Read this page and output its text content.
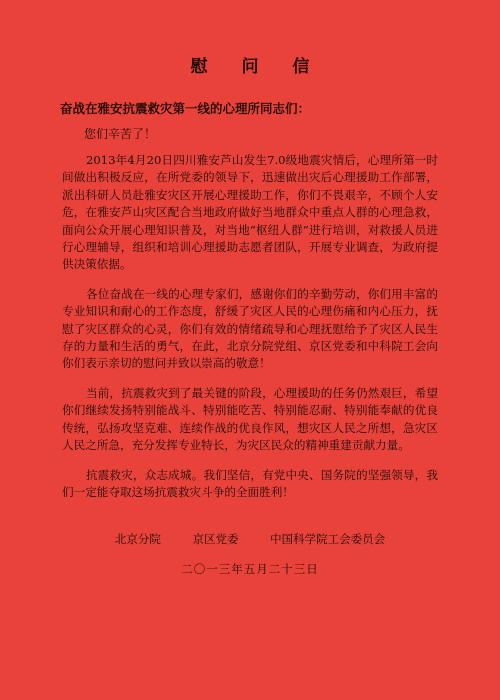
慰 问 信
奋战在雅安抗震救灾第一线的心理所同志们：
您们辛苦了！

2013年4月20日四川雅安芦山发生7.0级地震灾情后，心理所第一时间做出积极反应，在所党委的领导下，迅速做出灾后心理援助工作部署，派出科研人员赴雅安灾区开展心理援助工作，你们不畏艰辛，不顾个人安危，在雅安芦山灾区配合当地政府做好当地群众中重点人群的心理急救，面向公众开展心理知识普及，对当地“枢纽人群”进行培训，对救援人员进行心理辅导，组织和培训心理援助志愿者团队，开展专业调查，为政府提供决策依据。

各位奋战在一线的心理专家们，感谢你们的辛勤劳动，你们用丰富的专业知识和耐心的工作态度，舒缓了灾区人民的心理伤痛和内心压力，抚慰了灾区群众的心灵，你们有效的情绪疏导和心理抚慰给予了灾区人民生存的力量和生活的勇气，在此，北京分院党组、京区党委和中科院工会向你们表示亲切的慰问并致以崇高的敬意！

当前，抗震救灾到了最关键的阶段，心理援助的任务仍然艰巨，希望你们继续发扬特别能战斗、特别能吃苦、特别能忍耐、特别能奉献的优良传统，弘扬攻坚克难、连续作战的优良作风，想灾区人民之所想，急灾区人民之所急，充分发挥专业特长，为灾区民众的精神重建贡献力量。

抗震救灾，众志成城。我们坚信，有党中央、国务院的坚强领导，我们一定能夺取这场抗震救灾斗争的全面胜利！

北京分院	京区党委	中国科学院工会委员会
二〇一三年五月二十三日
